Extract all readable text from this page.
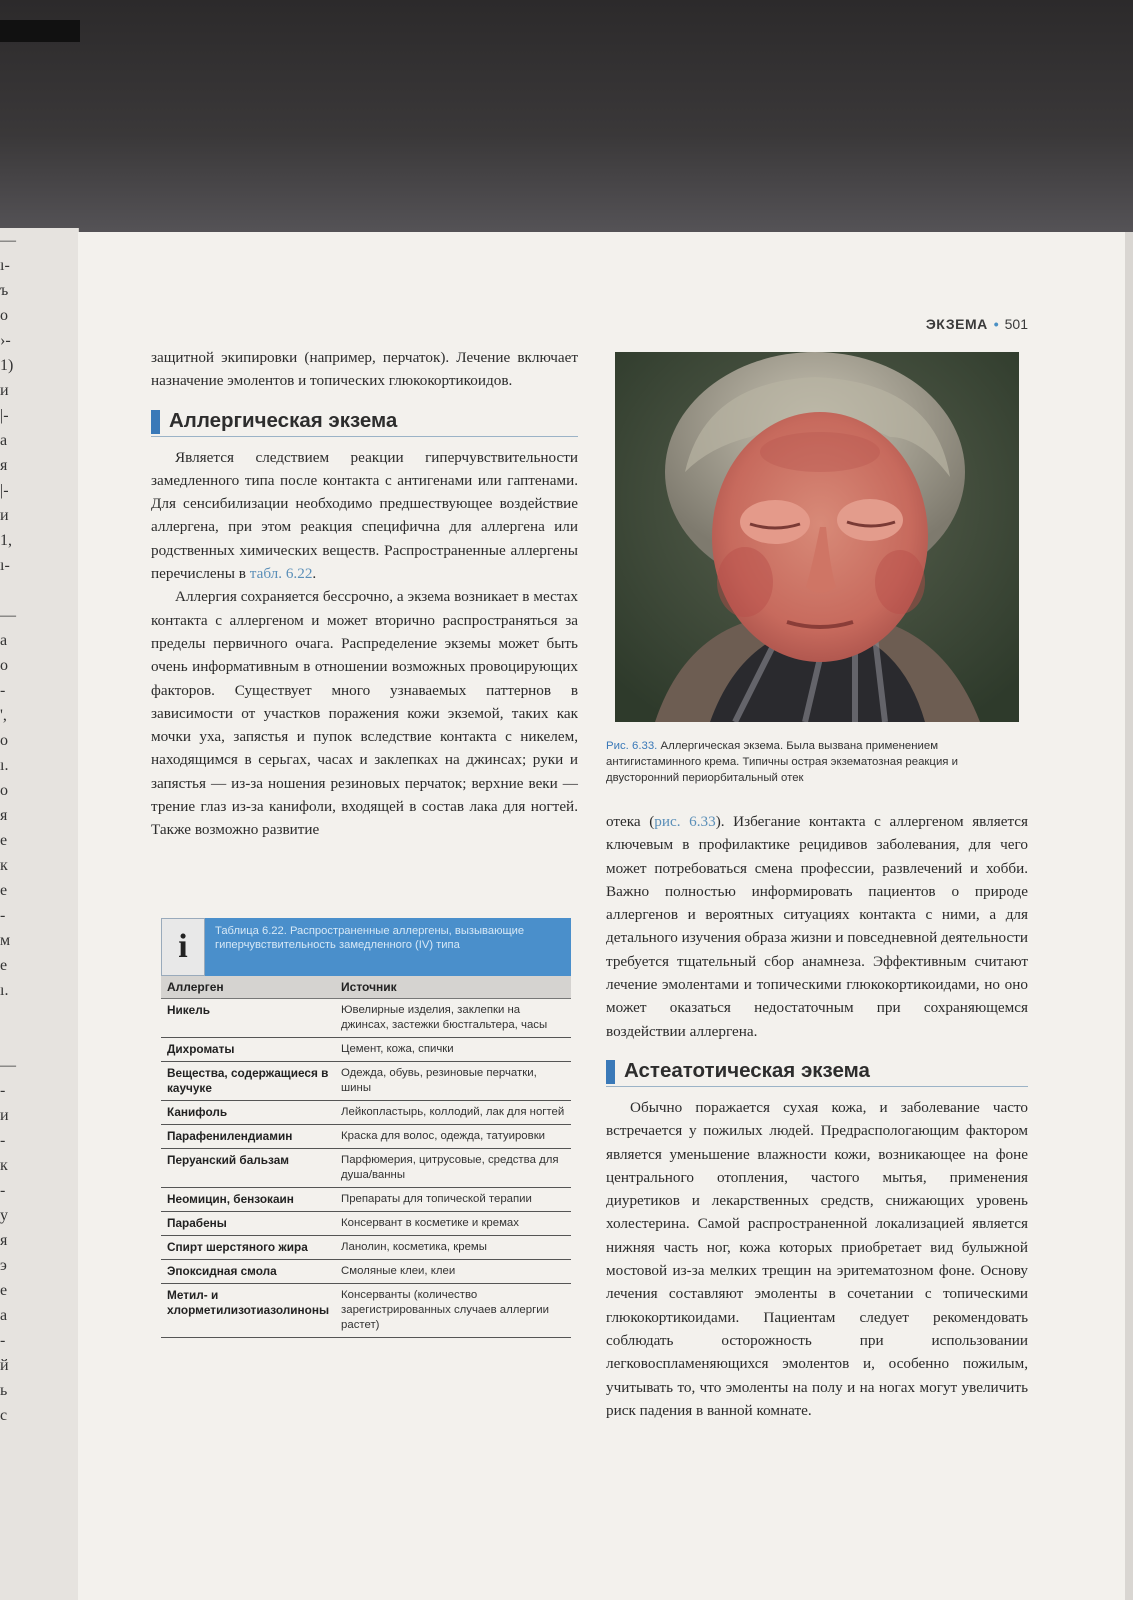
—
ı-
ъ
о
›-
1)
и
|-
а
я
|-
и
1,
ı-
—
а
о
-
',
о
ı.
о
я
е
к
е
-
м
е
ı.
—
-
и
-
к
-
у
я
э
е
а
-
й
ь
с
ЭКЗЕМА • 501

защитной экипировки (например, перчаток). Лечение включает назначение эмолентов и топических глюкокортикоидов.

Аллергическая экзема

Является следствием реакции гиперчувствительности замедленного типа после контакта с антигенами или гаптенами. Для сенсибилизации необходимо предшествующее воздействие аллергена, при этом реакция специфична для аллергена или родственных химических веществ. Распространенные аллергены перечислены в табл. 6.22.

Аллергия сохраняется бессрочно, а экзема возникает в местах контакта с аллергеном и может вторично распространяться за пределы первичного очага. Распределение экземы может быть очень информативным в отношении возможных провоцирующих факторов. Существует много узнаваемых паттернов в зависимости от участков поражения кожи экземой, таких как мочки уха, запястья и пупок вследствие контакта с никелем, находящимся в серьгах, часах и заклепках на джинсах; руки и запястья — из-за ношения резиновых перчаток; верхние веки — трение глаз из-за канифоли, входящей в состав лака для ногтей. Также возможно развитие

i	Таблица 6.22. Распространенные аллергены, вызывающие гиперчувствительность замедленного (IV) типа
Аллерген	Источник
Никель	Ювелирные изделия, заклепки на джинсах, застежки бюстгальтера, часы
Дихроматы	Цемент, кожа, спички
Вещества, содержащиеся в каучуке	Одежда, обувь, резиновые перчатки, шины
Канифоль	Лейкопластырь, коллодий, лак для ногтей
Парафенилендиамин	Краска для волос, одежда, татуировки
Перуанский бальзам	Парфюмерия, цитрусовые, средства для душа/ванны
Неомицин, бензокаин	Препараты для топической терапии
Парабены	Консервант в косметике и кремах
Спирт шерстяного жира	Ланолин, косметика, кремы
Эпоксидная смола	Смоляные клеи, клеи
Метил- и хлорметилизотиазолиноны	Консерванты (количество зарегистрированных случаев аллергии растет)
Рис. 6.33. Аллергическая экзема. Была вызвана применением антигистаминного крема. Типичны острая экзематозная реакция и двусторонний периорбитальный отек

отека (рис. 6.33). Избегание контакта с аллергеном является ключевым в профилактике рецидивов заболевания, для чего может потребоваться смена профессии, развлечений и хобби. Важно полностью информировать пациентов о природе аллергенов и вероятных ситуациях контакта с ними, а для детального изучения образа жизни и повседневной деятельности требуется тщательный сбор анамнеза. Эффективным считают лечение эмолентами и топическими глюкокортикоидами, но оно может оказаться недостаточным при сохраняющемся воздействии аллергена.

Астеатотическая экзема

Обычно поражается сухая кожа, и заболевание часто встречается у пожилых людей. Предраспологающим фактором является уменьшение влажности кожи, возникающее на фоне центрального отопления, частого мытья, применения диуретиков и лекарственных средств, снижающих уровень холестерина. Самой распространенной локализацией является нижняя часть ног, кожа которых приобретает вид булыжной мостовой из-за мелких трещин на эритематозном фоне. Основу лечения составляют эмоленты в сочетании с топическими глюкокортикоидами. Пациентам следует рекомендовать соблюдать осторожность при использовании легковоспламеняющихся эмолентов и, особенно пожилым, учитывать то, что эмоленты на полу и на ногах могут увеличить риск падения в ванной комнате.
